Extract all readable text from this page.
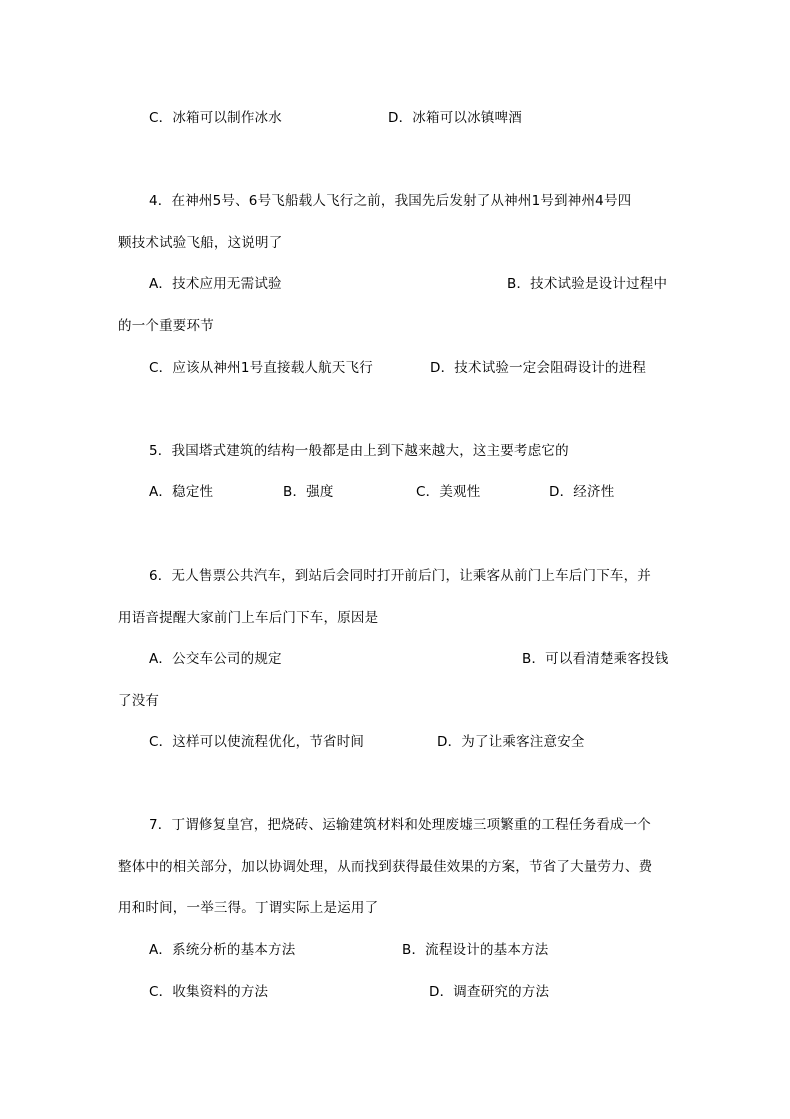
C．冰箱可以制作冰水	D．冰箱可以冰镇啤酒
4．在神州5号、6号飞船载人飞行之前，我国先后发射了从神州1号到神州4号四
颗技术试验飞船，这说明了
A．技术应用无需试验	B．技术试验是设计过程中
的一个重要环节
C．应该从神州1号直接载人航天飞行	D．技术试验一定会阻碍设计的进程
5．我国塔式建筑的结构一般都是由上到下越来越大，这主要考虑它的
A．稳定性	B．强度	C．美观性	D．经济性
6．无人售票公共汽车，到站后会同时打开前后门，让乘客从前门上车后门下车，并
用语音提醒大家前门上车后门下车，原因是
A．公交车公司的规定	B．可以看清楚乘客投钱
了没有
C．这样可以使流程优化，节省时间	D．为了让乘客注意安全
7．丁谓修复皇宫，把烧砖、运输建筑材料和处理废墟三项繁重的工程任务看成一个
整体中的相关部分，加以协调处理，从而找到获得最佳效果的方案，节省了大量劳力、费
用和时间，一举三得。丁谓实际上是运用了
A．系统分析的基本方法	B．流程设计的基本方法
C．收集资料的方法	D．调查研究的方法
